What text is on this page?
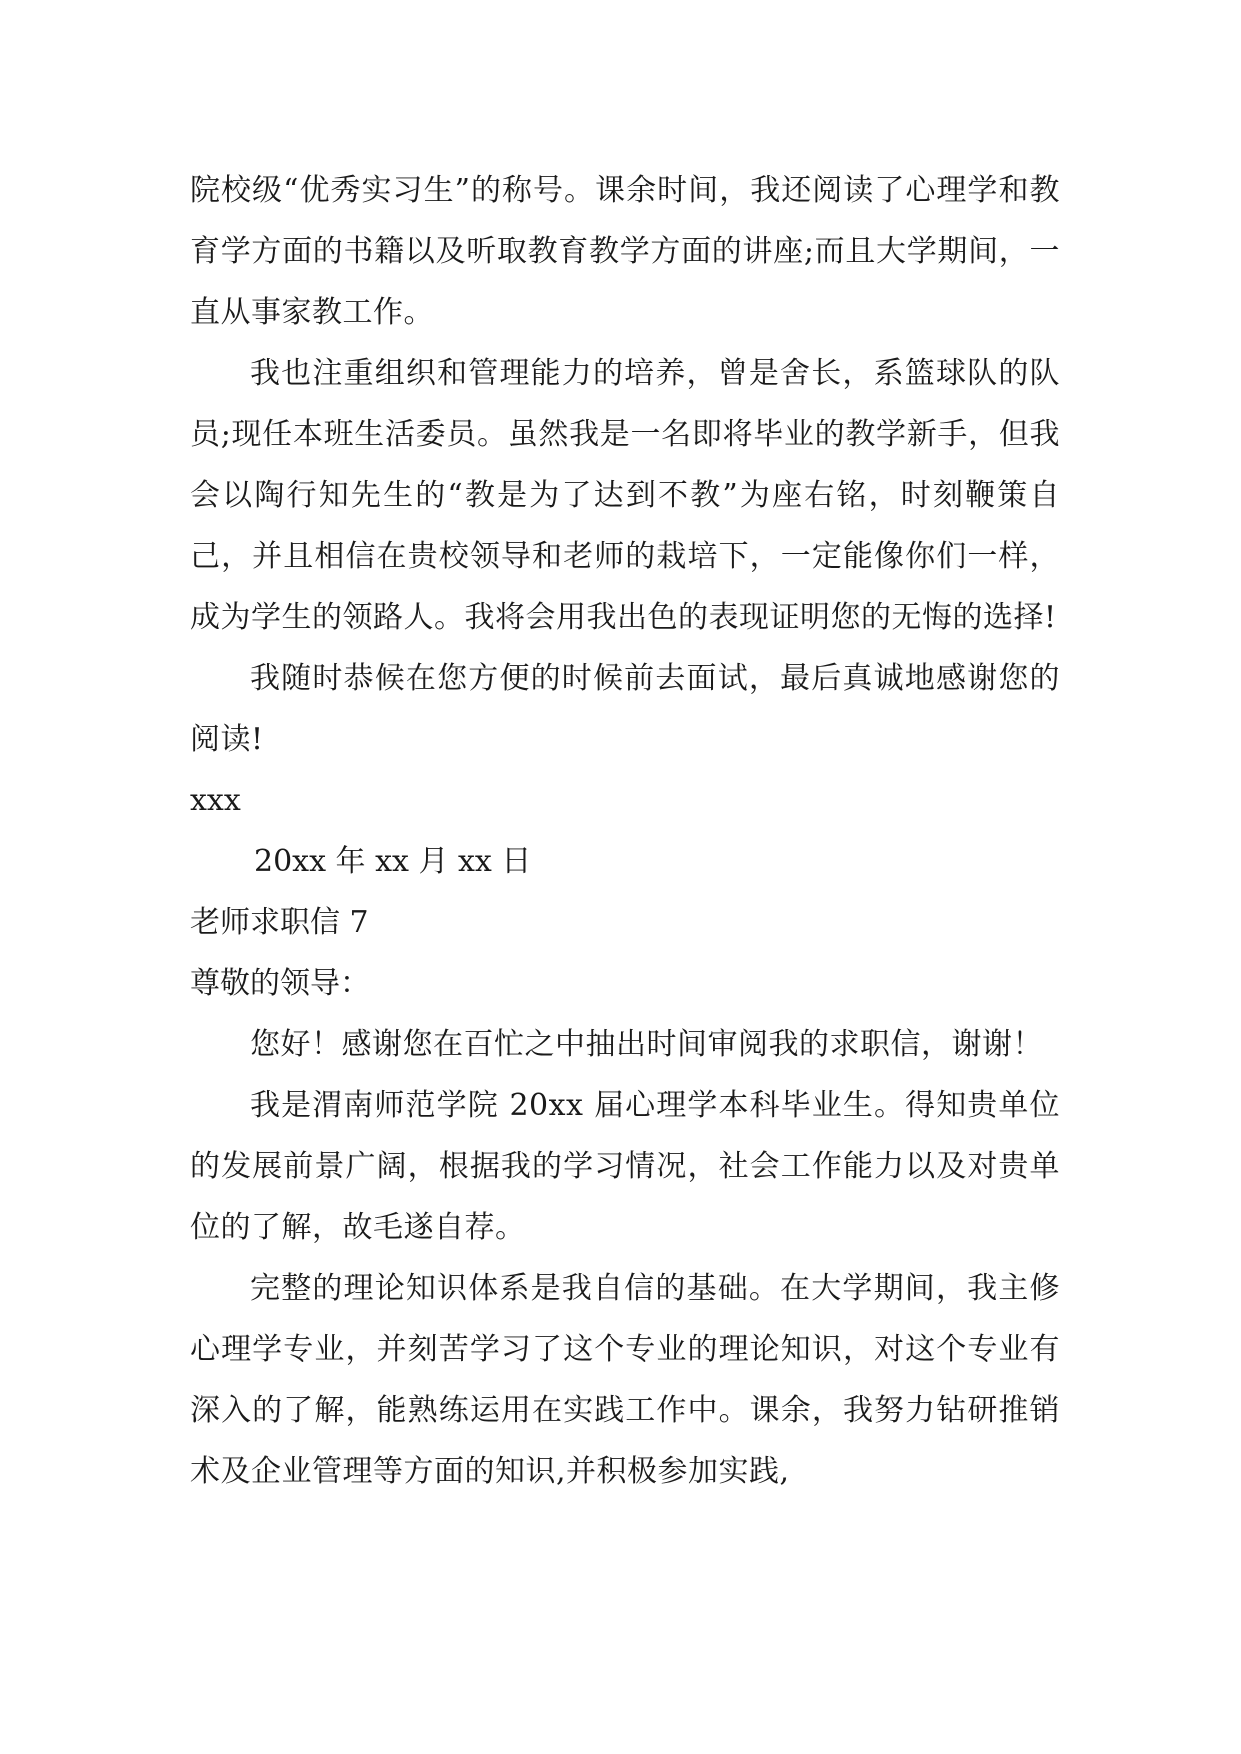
院校级“优秀实习生”的称号。课余时间，我还阅读了心理学和教育学方面的书籍以及听取教育教学方面的讲座;而且大学期间，一直从事家教工作。

我也注重组织和管理能力的培养，曾是舍长，系篮球队的队员;现任本班生活委员。虽然我是一名即将毕业的教学新手，但我会以陶行知先生的“教是为了达到不教”为座右铭，时刻鞭策自己，并且相信在贵校领导和老师的栽培下，一定能像你们一样，成为学生的领路人。我将会用我出色的表现证明您的无悔的选择!

我随时恭候在您方便的时候前去面试，最后真诚地感谢您的阅读!

xxx

20xx 年 xx 月 xx 日

老师求职信 7

尊敬的领导：

您好！感谢您在百忙之中抽出时间审阅我的求职信，谢谢！

我是渭南师范学院 20xx 届心理学本科毕业生。得知贵单位的发展前景广阔，根据我的学习情况，社会工作能力以及对贵单位的了解，故毛遂自荐。

完整的理论知识体系是我自信的基础。在大学期间，我主修心理学专业，并刻苦学习了这个专业的理论知识，对这个专业有深入的了解，能熟练运用在实践工作中。课余，我努力钻研推销术及企业管理等方面的知识,并积极参加实践,
